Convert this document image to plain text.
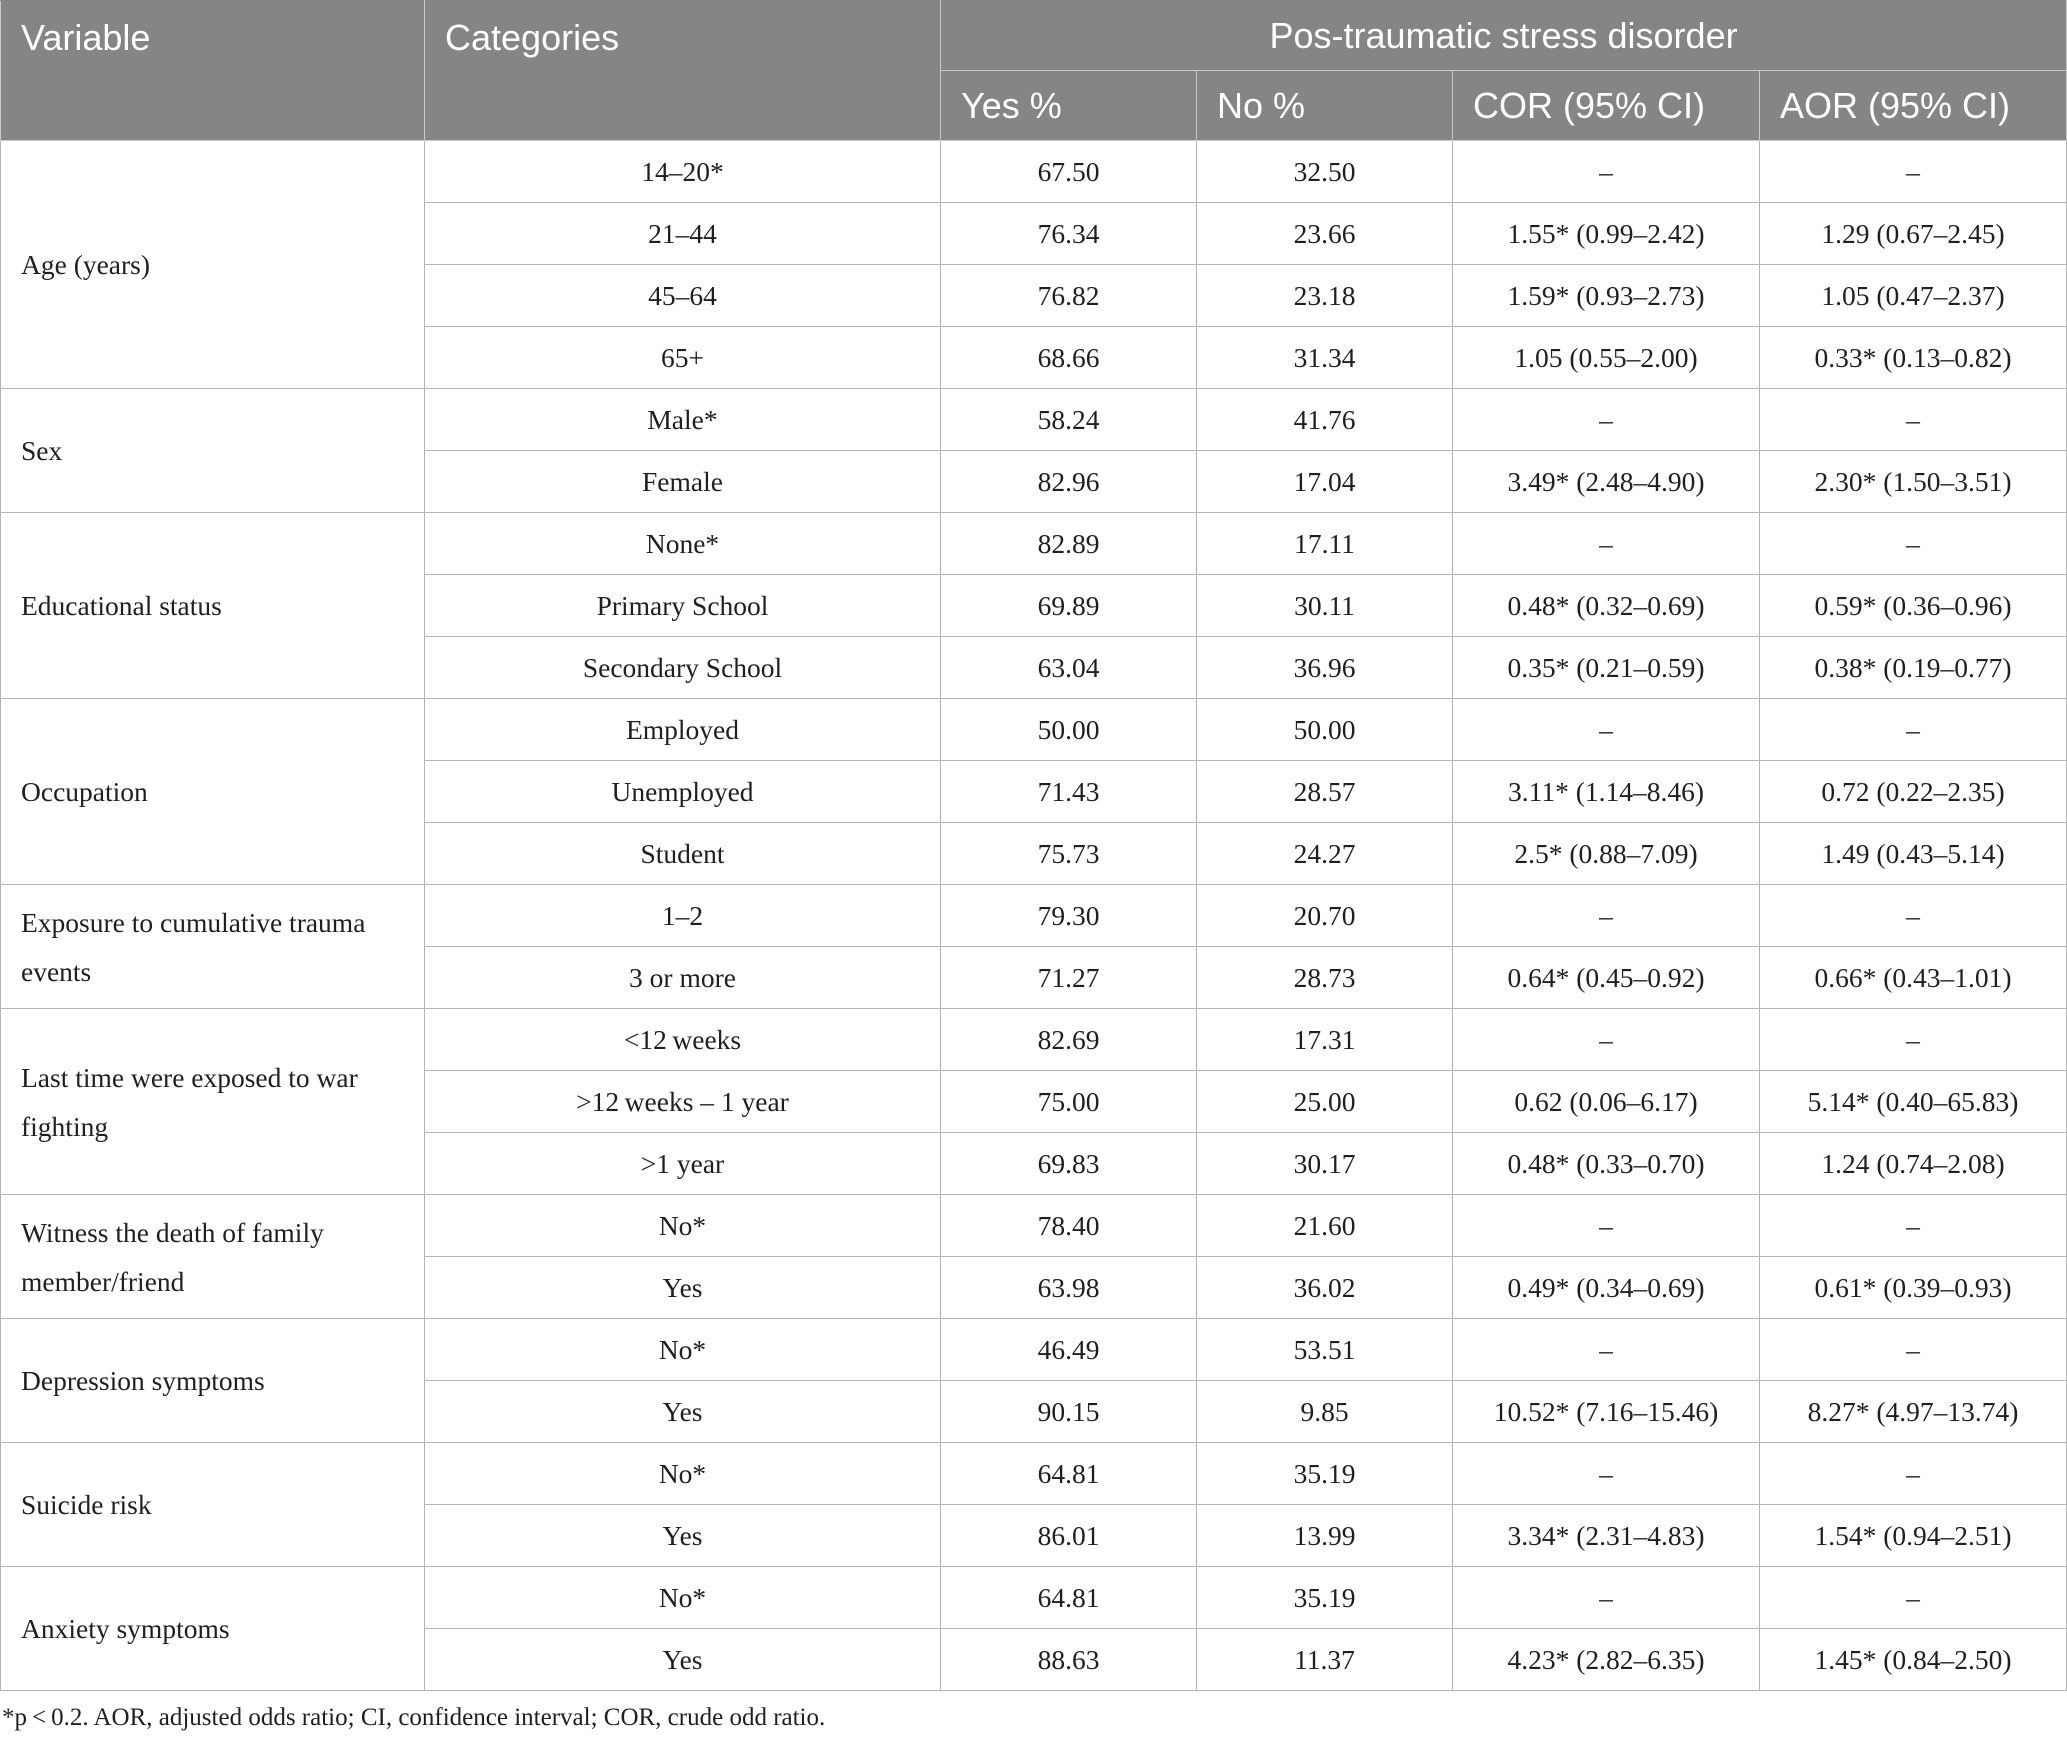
Variable	Categories	Pos-traumatic stress disorder			
		Yes %	No %	COR (95% CI)	AOR (95% CI)
Age (years)	14–20*	67.50	32.50	–	–
	21–44	76.34	23.66	1.55* (0.99–2.42)	1.29 (0.67–2.45)
	45–64	76.82	23.18	1.59* (0.93–2.73)	1.05 (0.47–2.37)
	65+	68.66	31.34	1.05 (0.55–2.00)	0.33* (0.13–0.82)
Sex	Male*	58.24	41.76	–	–
	Female	82.96	17.04	3.49* (2.48–4.90)	2.30* (1.50–3.51)
Educational status	None*	82.89	17.11	–	–
	Primary School	69.89	30.11	0.48* (0.32–0.69)	0.59* (0.36–0.96)
	Secondary School	63.04	36.96	0.35* (0.21–0.59)	0.38* (0.19–0.77)
Occupation	Employed	50.00	50.00	–	–
	Unemployed	71.43	28.57	3.11* (1.14–8.46)	0.72 (0.22–2.35)
	Student	75.73	24.27	2.5* (0.88–7.09)	1.49 (0.43–5.14)
Exposure to cumulative trauma events	1–2	79.30	20.70	–	–
	3 or more	71.27	28.73	0.64* (0.45–0.92)	0.66* (0.43–1.01)
Last time were exposed to war fighting	<12 weeks	82.69	17.31	–	–
	>12 weeks – 1 year	75.00	25.00	0.62 (0.06–6.17)	5.14* (0.40–65.83)
	>1 year	69.83	30.17	0.48* (0.33–0.70)	1.24 (0.74–2.08)
Witness the death of family member/friend	No*	78.40	21.60	–	–
	Yes	63.98	36.02	0.49* (0.34–0.69)	0.61* (0.39–0.93)
Depression symptoms	No*	46.49	53.51	–	–
	Yes	90.15	9.85	10.52* (7.16–15.46)	8.27* (4.97–13.74)
Suicide risk	No*	64.81	35.19	–	–
	Yes	86.01	13.99	3.34* (2.31–4.83)	1.54* (0.94–2.51)
Anxiety symptoms	No*	64.81	35.19	–	–
	Yes	88.63	11.37	4.23* (2.82–6.35)	1.45* (0.84–2.50)
*p < 0.2. AOR, adjusted odds ratio; CI, confidence interval; COR, crude odd ratio.
